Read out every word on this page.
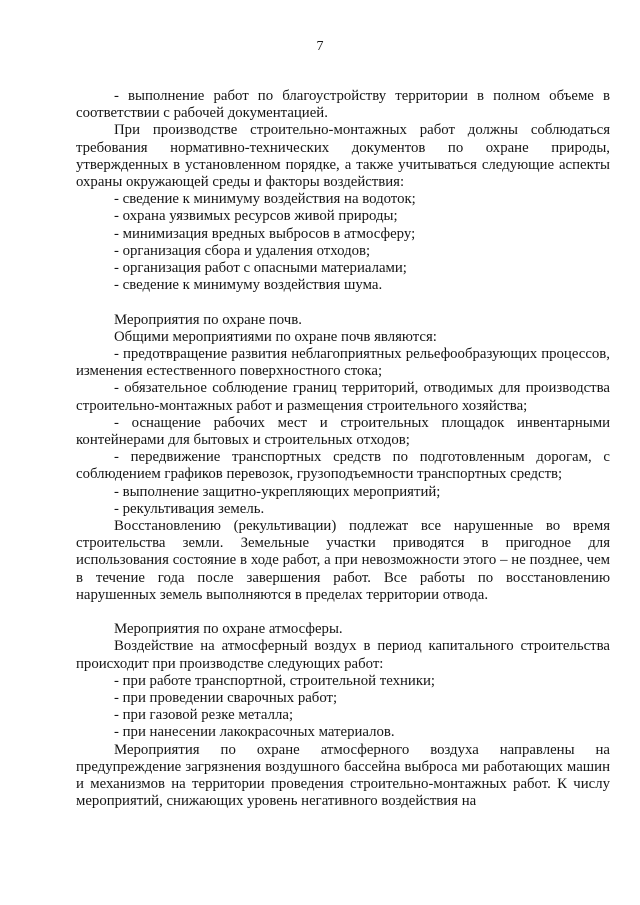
7

- выполнение работ по благоустройству территории в полном объеме в соответствии с рабочей документацией.

При производстве строительно-монтажных работ должны соблюдаться требования нормативно-технических документов по охране природы, утвержденных в установленном порядке, а также учитываться следующие аспекты охраны окружающей среды и факторы воздействия:

- сведение к минимуму воздействия на водоток;

- охрана уязвимых ресурсов живой природы;

- минимизация вредных выбросов в атмосферу;

- организация сбора и удаления отходов;

- организация работ с опасными материалами;

- сведение к минимуму воздействия шума.

Мероприятия по охране почв.

Общими мероприятиями по охране почв являются:

- предотвращение развития неблагоприятных рельефообразующих процессов, изменения естественного поверхностного стока;

- обязательное соблюдение границ территорий, отводимых для производства строительно-монтажных работ и размещения строительного хозяйства;

- оснащение рабочих мест и строительных площадок инвентарными контейнерами для бытовых и строительных отходов;

- передвижение транспортных средств по подготовленным дорогам, с соблюдением графиков перевозок, грузоподъемности транспортных средств;

- выполнение защитно-укрепляющих мероприятий;

- рекультивация земель.

Восстановлению (рекультивации) подлежат все нарушенные во время строительства земли. Земельные участки приводятся в пригодное для использования состояние в ходе работ, а при невозможности этого – не позднее, чем в течение года после завершения работ. Все работы по восстановлению нарушенных земель выполняются в пределах территории отвода.

Мероприятия по охране атмосферы.

Воздействие на атмосферный воздух в период капитального строительства происходит при производстве следующих работ:

- при работе транспортной, строительной техники;

- при проведении сварочных работ;

- при газовой резке металла;

- при нанесении лакокрасочных материалов.

Мероприятия по охране атмосферного воздуха направлены на предупреждение загрязнения воздушного бассейна выброса ми работающих машин и механизмов на территории проведения строительно-монтажных работ. К числу мероприятий, снижающих уровень негативного воздействия на
